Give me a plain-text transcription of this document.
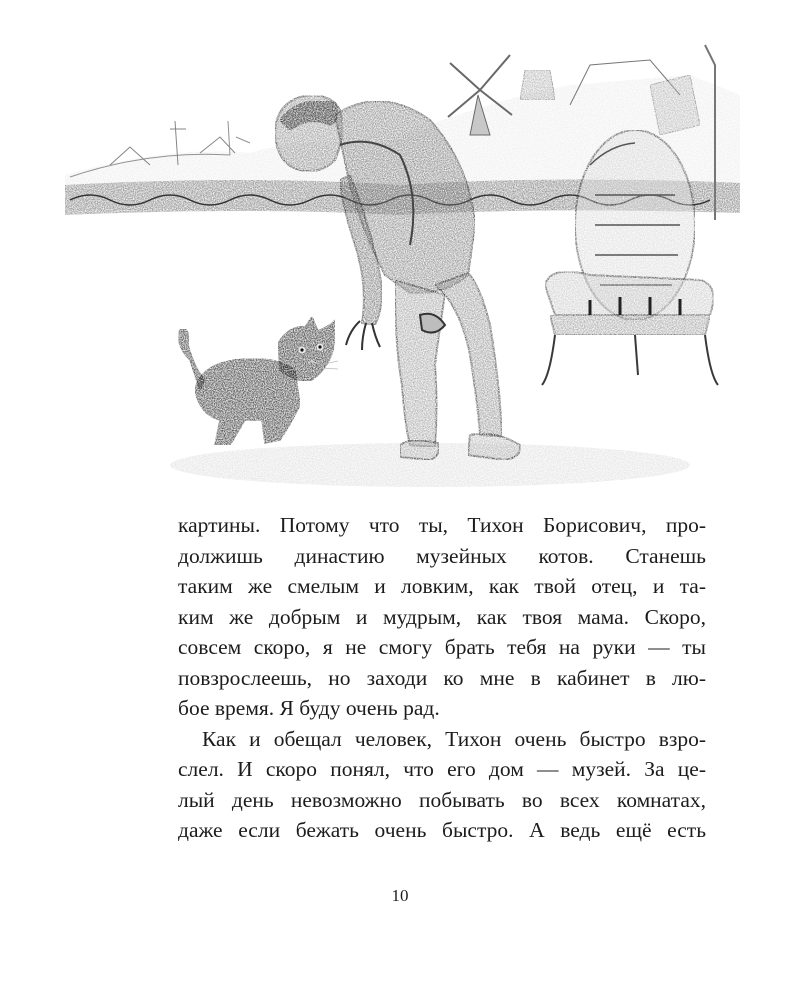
картины. Потому что ты, Тихон Борисович, про-
должишь династию музейных котов. Станешь
таким же смелым и ловким, как твой отец, и та-
ким же добрым и мудрым, как твоя мама. Скоро,
совсем скоро, я не смогу брать тебя на руки — ты
повзрослеешь, но заходи ко мне в кабинет в лю-
бое время. Я буду очень рад.
Как и обещал человек, Тихон очень быстро взро-
слел. И скоро понял, что его дом — музей. За це-
лый день невозможно побывать во всех комнатах,
даже если бежать очень быстро. А ведь ещё есть
10
